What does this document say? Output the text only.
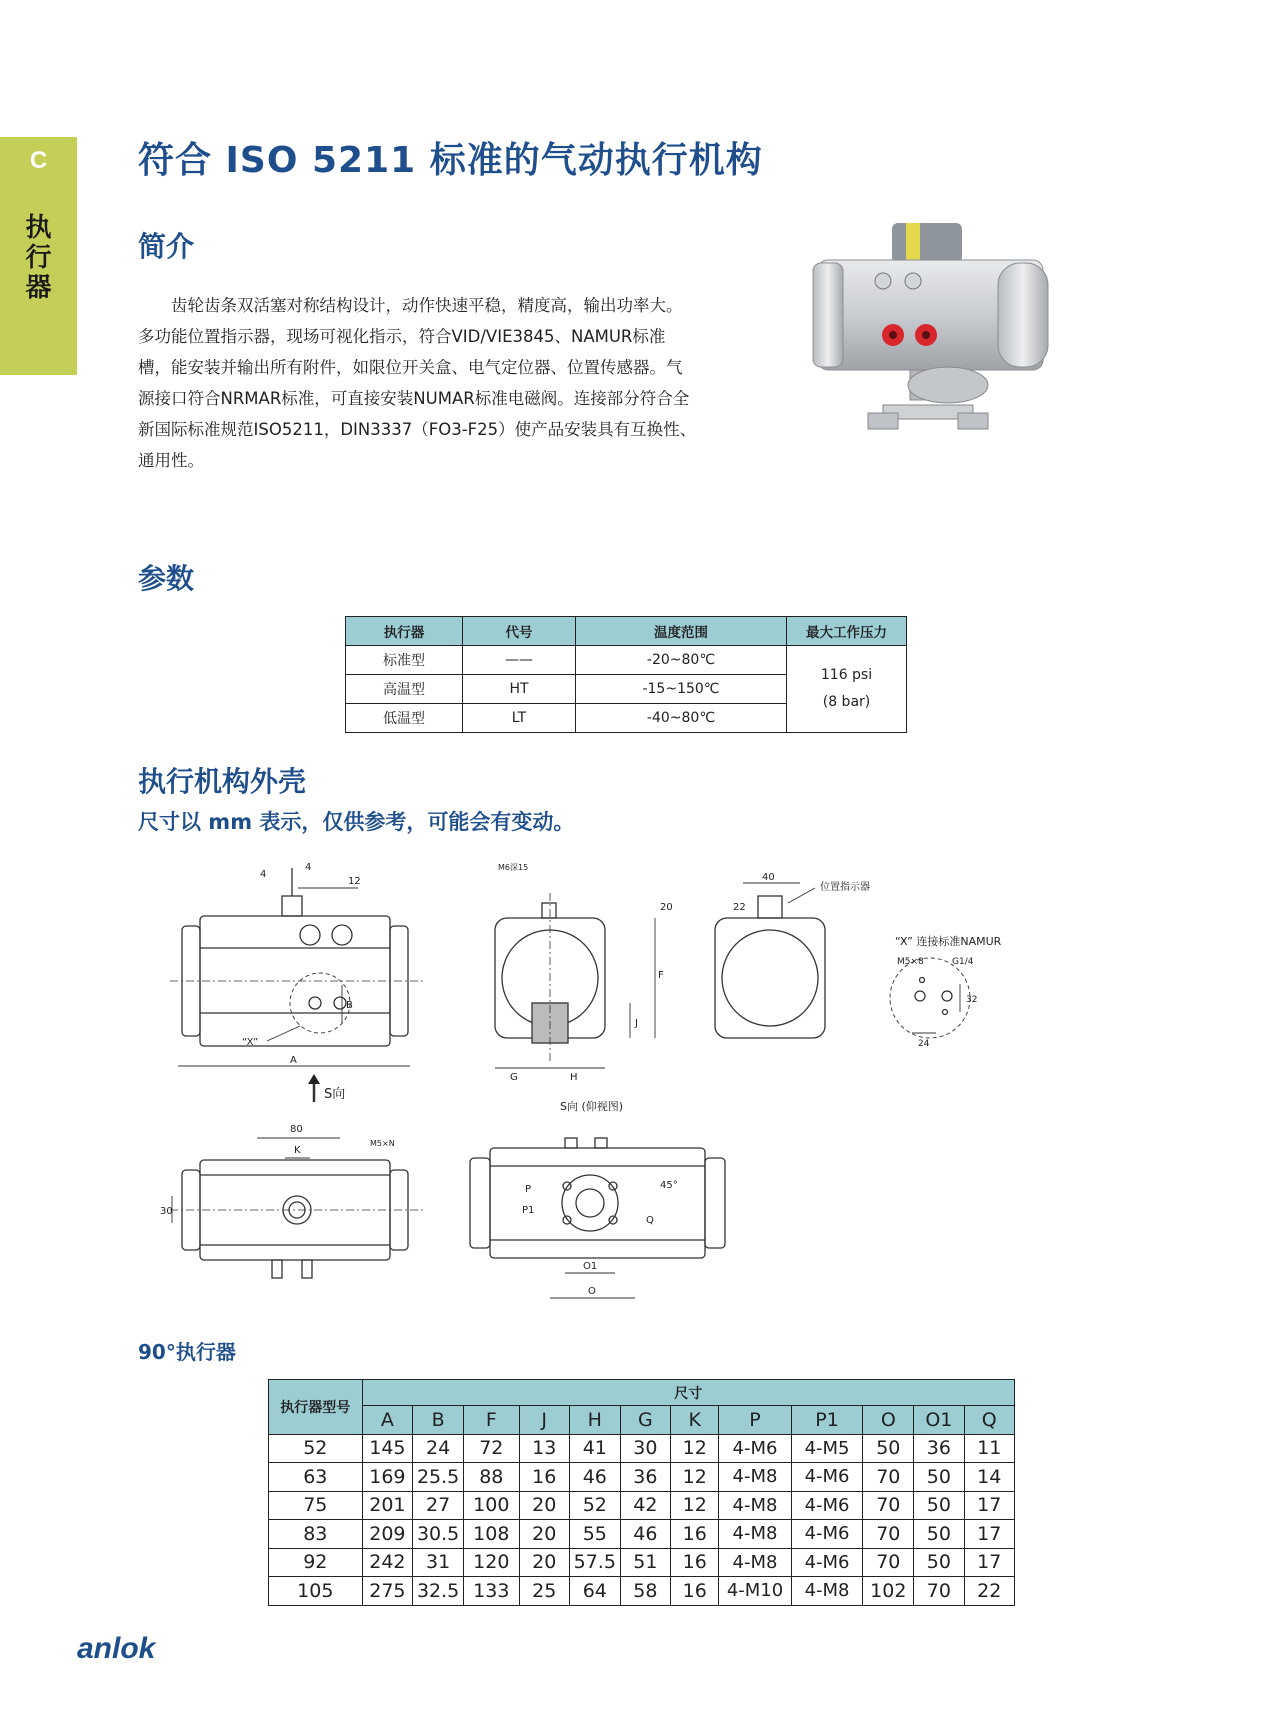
C
执
行
器
符合 ISO 5211 标准的气动执行机构
简介

齿轮齿条双活塞对称结构设计，动作快速平稳，精度高，输出功率大。多功能位置指示器，现场可视化指示，符合VID/VIE3845、NAMUR标准槽，能安装并输出所有附件，如限位开关盒、电气定位器、位置传感器。气源接口符合NRMAR标准，可直接安装NUMAR标准电磁阀。连接部分符合全新国际标准规范ISO5211，DIN3337（FO3-F25）使产品安装具有互换性、通用性。

参数
执行器	代号	温度范围	最大工作压力
标准型	——	-20~80℃	116 psi
(8 bar)

高温型	HT	-15~150℃	
低温型	LT	-40~80℃	
执行机构外壳
尺寸以 mm 表示，仅供参考，可能会有变动。
4
4
12
A
B
“X”
S向
M6深15
20
F
J
G	H
40
22
位置指示器
“X” 连接标准NAMUR
M5×8	G1/4
32
24
80
K
M5×N
30
S向 (仰视图)
P
P1
45°
Q
O1
O
90°执行器
执行器型号	尺寸											
	A	B	F	J	H	G	K	P	P1	O	O1	Q
52	145	24	72	13	41	30	12	4-M6	4-M5	50	36	11
63	169	25.5	88	16	46	36	12	4-M8	4-M6	70	50	14
75	201	27	100	20	52	42	12	4-M8	4-M6	70	50	17
83	209	30.5	108	20	55	46	16	4-M8	4-M6	70	50	17
92	242	31	120	20	57.5	51	16	4-M8	4-M6	70	50	17
105	275	32.5	133	25	64	58	16	4-M10	4-M8	102	70	22
anlok
